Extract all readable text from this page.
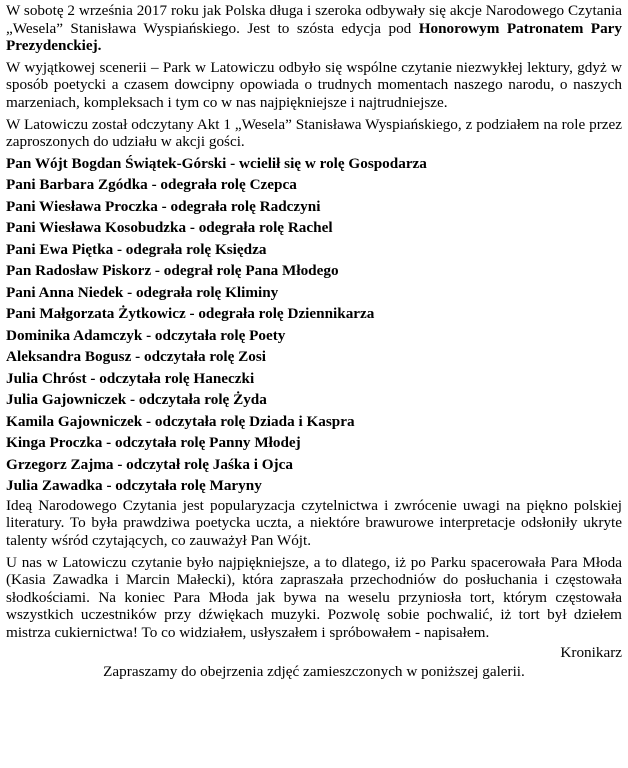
W sobotę 2 września 2017 roku jak Polska długa i szeroka odbywały się akcje Narodowego Czytania „Wesela” Stanisława Wyspiańskiego. Jest to szósta edycja pod Honorowym Patronatem Pary Prezydenckiej.

W wyjątkowej scenerii – Park w Latowiczu odbyło się wspólne czytanie niezwykłej lektury, gdyż w sposób poetycki a czasem dowcipny opowiada o trudnych momentach naszego narodu, o naszych marzeniach, kompleksach i tym co w nas najpiękniejsze i najtrudniejsze.

W Latowiczu został odczytany Akt 1 „Wesela” Stanisława Wyspiańskiego, z podziałem na role przez zaproszonych do udziału w akcji gości.

Pan Wójt Bogdan Świątek-Górski - wcielił się w rolę Gospodarza
Pani Barbara Zgódka - odegrała rolę Czepca
Pani Wiesława Proczka - odegrała rolę Radczyni
Pani Wiesława Kosobudzka - odegrała rolę Rachel
Pani Ewa Piętka - odegrała rolę Księdza
Pan Radosław Piskorz - odegrał rolę Pana Młodego
Pani Anna Niedek - odegrała rolę Kliminy
Pani Małgorzata Żytkowicz - odegrała rolę Dziennikarza
Dominika Adamczyk - odczytała rolę Poety
Aleksandra Bogusz - odczytała rolę Zosi
Julia Chróst - odczytała rolę Haneczki
Julia Gajowniczek - odczytała rolę Żyda
Kamila Gajowniczek - odczytała rolę Dziada i Kaspra
Kinga Proczka - odczytała rolę Panny Młodej
Grzegorz Zajma - odczytał rolę Jaśka i Ojca
Julia Zawadka - odczytała rolę Maryny

Ideą Narodowego Czytania jest popularyzacja czytelnictwa i zwrócenie uwagi na piękno polskiej literatury. To była prawdziwa poetycka uczta, a niektóre brawurowe interpretacje odsłoniły ukryte talenty wśród czytających, co zauważył Pan Wójt.

U nas w Latowiczu czytanie było najpiękniejsze, a to dlatego, iż po Parku spacerowała Para Młoda (Kasia Zawadka i Marcin Małecki), która zapraszała przechodniów do posłuchania i częstowała słodkościami. Na koniec Para Młoda jak bywa na weselu przyniosła tort, którym częstowała wszystkich uczestników przy dźwiękach muzyki. Pozwolę sobie pochwalić, iż tort był dziełem mistrza cukiernictwa! To co widziałem, usłyszałem i spróbowałem - napisałem.

Kronikarz

Zapraszamy do obejrzenia zdjęć zamieszczonych w poniższej galerii.
